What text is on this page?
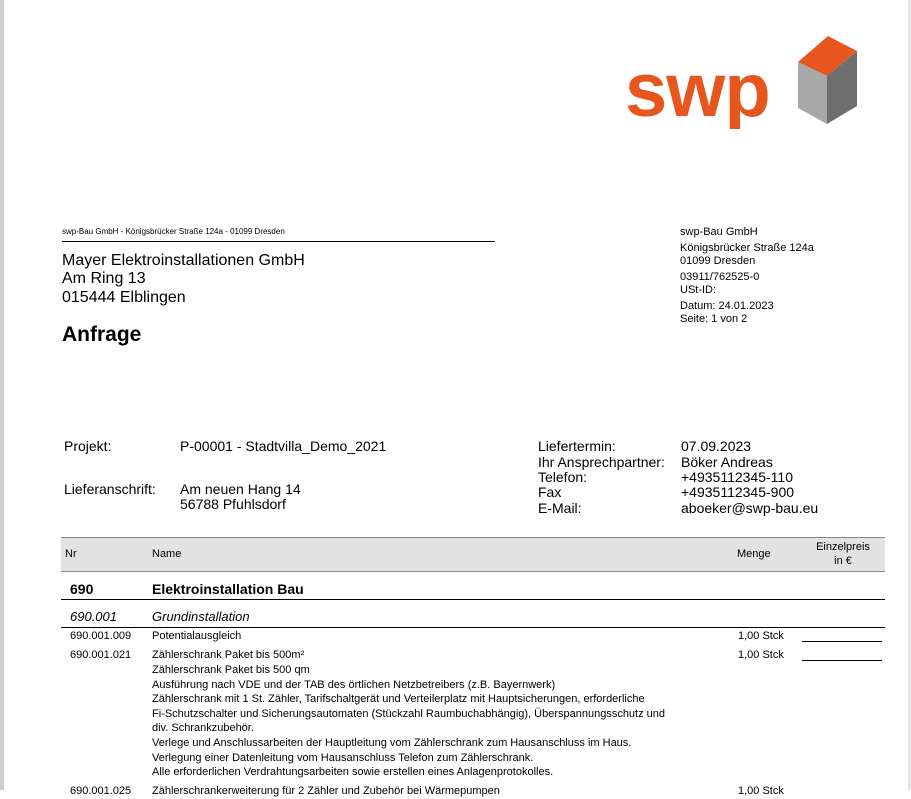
swp
swp-Bau GmbH - Königsbrücker Straße 124a - 01099 Dresden
Mayer Elektroinstallationen GmbH
Am Ring 13
015444 Elblingen
Anfrage
swp-Bau GmbH
Königsbrücker Straße 124a
01099 Dresden
03911/762525-0
USt-ID:
Datum: 24.01.2023
Seite: 1 von 2
Projekt:	P-00001 - Stadtvilla_Demo_2021
Lieferanschrift: Am neuen Hang 14
56788 Pfuhlsdorf
Liefertermin:	07.09.2023
Ihr Ansprechpartner: Böker Andreas
Telefon:	+4935112345-110
Fax	+4935112345-900
E-Mail:	aboeker@swp-bau.eu
Nr	Name	Menge
Einzelpreis
in €
690	Elektroinstallation Bau
690.001	Grundinstallation
690.001.009 Potentialausgleich	1,00 Stck
690.001.021 Zählerschrank Paket bis 500m²	1,00 Stck
Zählerschrank Paket bis 500 qm
Ausführung nach VDE und der TAB des örtlichen Netzbetreibers (z.B. Bayernwerk)
Zählerschrank mit 1 St. Zähler, Tarifschaltgerät und Verteilerplatz mit Hauptsicherungen, erforderliche
Fi-Schutzschalter und Sicherungsautomaten (Stückzahl Raumbuchabhängig), Überspannungsschutz und
div. Schrankzubehör.
Verlege und Anschlussarbeiten der Hauptleitung vom Zählerschrank zum Hausanschluss im Haus.
Verlegung einer Datenleitung vom Hausanschluss Telefon zum Zählerschrank.
Alle erforderlichen Verdrahtungsarbeiten sowie erstellen eines Anlagenprotokolles.
690.001.025 Zählerschrankerweiterung für 2 Zähler und Zubehör bei Wärmepumpen	1,00 Stck
